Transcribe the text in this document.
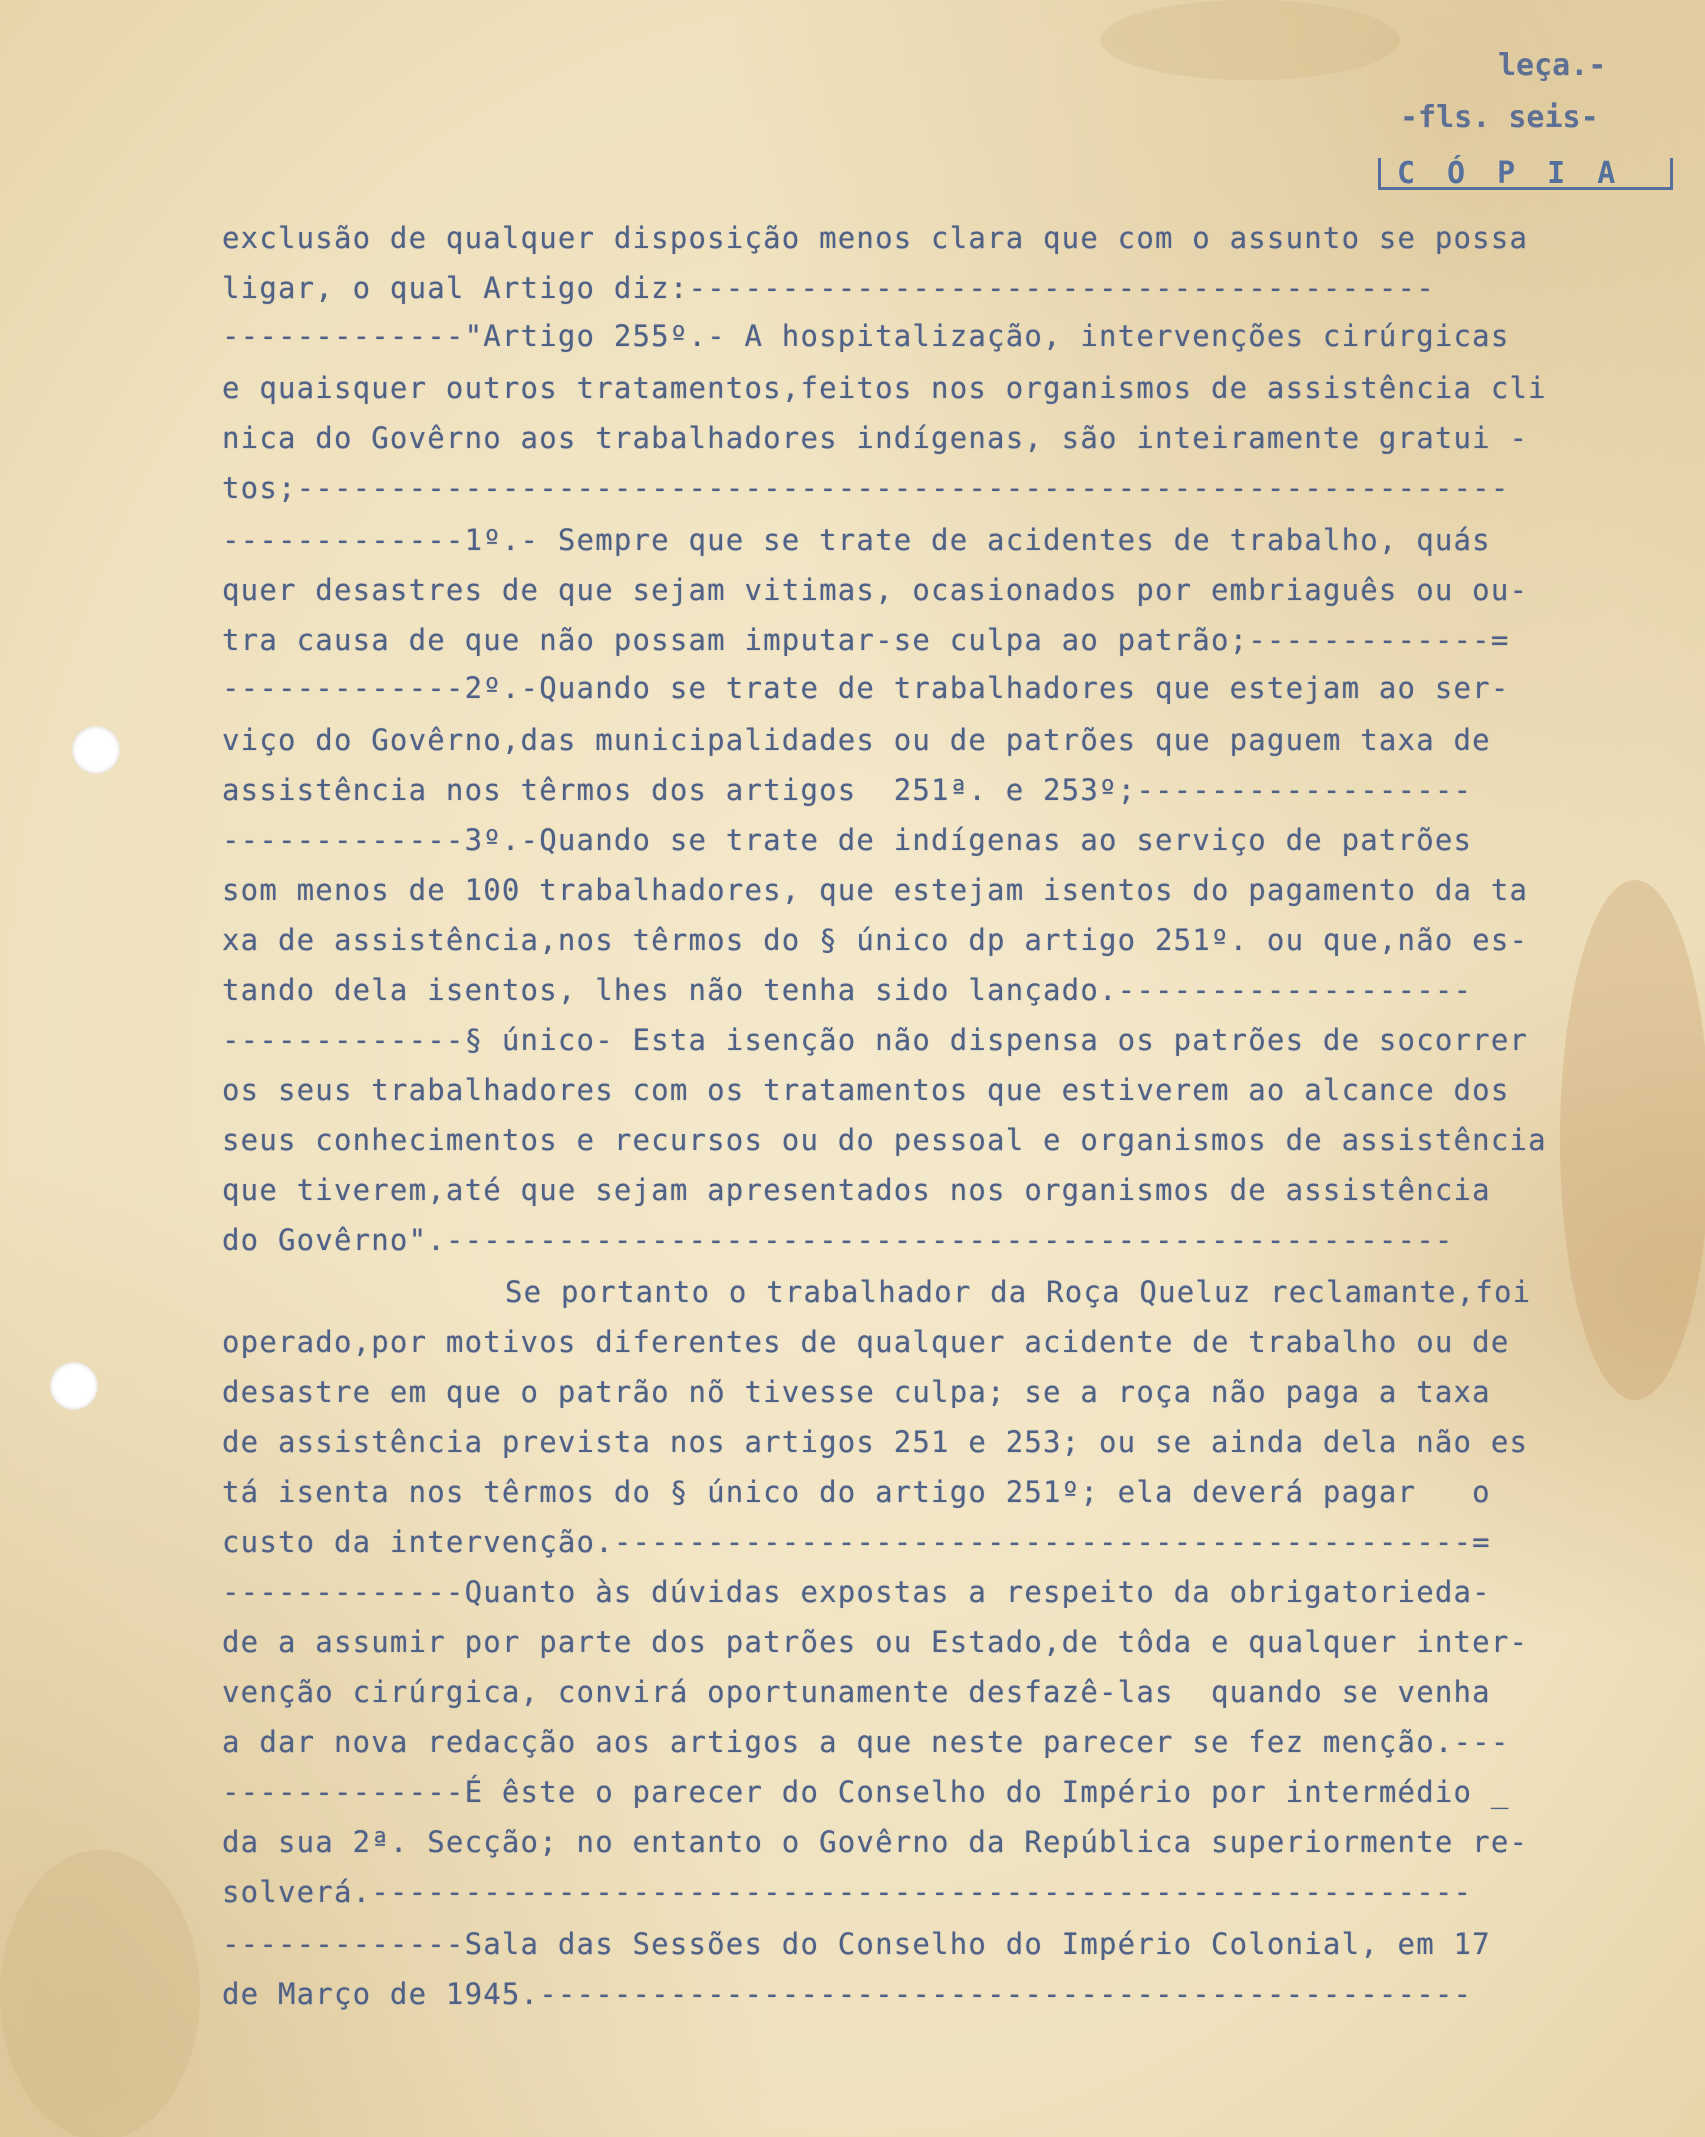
leça.-
-fls. seis-
CÓPIA
exclusão de qualquer disposição menos clara que com o assunto se possa
ligar, o qual Artigo diz:----------------------------------------
-------------"Artigo 255º.- A hospitalização, intervenções cirúrgicas
e quaisquer outros tratamentos,feitos nos organismos de assistência cli
nica do Govêrno aos trabalhadores indígenas, são inteiramente gratui -
tos;-----------------------------------------------------------------
-------------1º.- Sempre que se trate de acidentes de trabalho, quás
quer desastres de que sejam vitimas, ocasionados por embriaguês ou ou-
tra causa de que não possam imputar-se culpa ao patrão;-------------=
-------------2º.-Quando se trate de trabalhadores que estejam ao ser-
viço do Govêrno,das municipalidades ou de patrões que paguem taxa de
assistência nos têrmos dos artigos  251ª. e 253º;------------------
-------------3º.-Quando se trate de indígenas ao serviço de patrões
som menos de 100 trabalhadores, que estejam isentos do pagamento da ta
xa de assistência,nos têrmos do § único dp artigo 251º. ou que,não es-
tando dela isentos, lhes não tenha sido lançado.-------------------
-------------§ único- Esta isenção não dispensa os patrões de socorrer
os seus trabalhadores com os tratamentos que estiverem ao alcance dos
seus conhecimentos e recursos ou do pessoal e organismos de assistência
que tiverem,até que sejam apresentados nos organismos de assistência
do Govêrno".------------------------------------------------------
Se portanto o trabalhador da Roça Queluz reclamante,foi
operado,por motivos diferentes de qualquer acidente de trabalho ou de
desastre em que o patrão nõ tivesse culpa; se a roça não paga a taxa
de assistência prevista nos artigos 251 e 253; ou se ainda dela não es
tá isenta nos têrmos do § único do artigo 251º; ela deverá pagar   o
custo da intervenção.----------------------------------------------=
-------------Quanto às dúvidas expostas a respeito da obrigatorieda-
de a assumir por parte dos patrões ou Estado,de tôda e qualquer inter-
venção cirúrgica, convirá oportunamente desfazê-las  quando se venha
a dar nova redacção aos artigos a que neste parecer se fez menção.---
-------------É êste o parecer do Conselho do Império por intermédio _
da sua 2ª. Secção; no entanto o Govêrno da República superiormente re-
solverá.-----------------------------------------------------------
-------------Sala das Sessões do Conselho do Império Colonial, em 17
de Março de 1945.--------------------------------------------------
